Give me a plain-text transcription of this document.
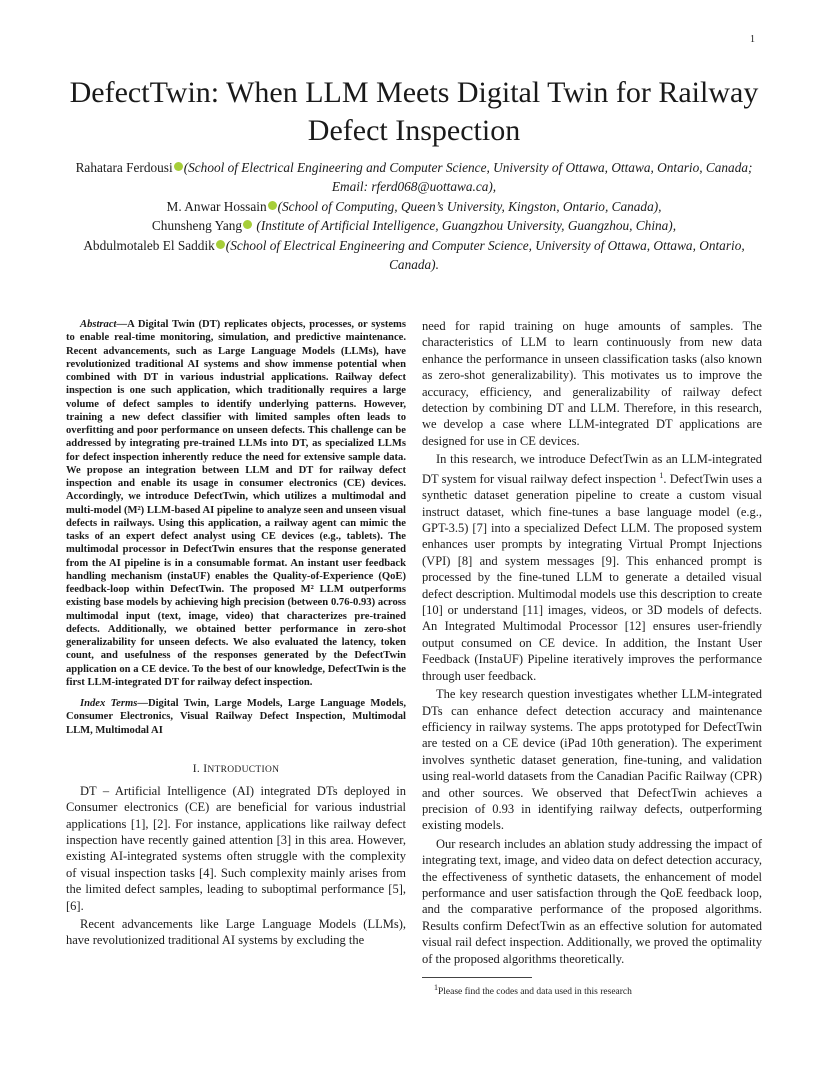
1
DefectTwin: When LLM Meets Digital Twin for Railway Defect Inspection
Rahatara Ferdousi (School of Electrical Engineering and Computer Science, University of Ottawa, Ottawa, Ontario, Canada; Email: rferd068@uottawa.ca),
M. Anwar Hossain (School of Computing, Queen’s University, Kingston, Ontario, Canada),
Chunsheng Yang (Institute of Artificial Intelligence, Guangzhou University, Guangzhou, China),
Abdulmotaleb El Saddik (School of Electrical Engineering and Computer Science, University of Ottawa, Ottawa, Ontario, Canada).

Abstract—A Digital Twin (DT) replicates objects, processes, or systems to enable real-time monitoring, simulation, and predictive maintenance. Recent advancements, such as Large Language Models (LLMs), have revolutionized traditional AI systems and show immense potential when combined with DT in various industrial applications. Railway defect inspection is one such application, which traditionally requires a large volume of defect samples to identify underlying patterns. However, training a new defect classifier with limited samples often leads to overfitting and poor performance on unseen defects. This challenge can be addressed by integrating pre-trained LLMs into DT, as specialized LLMs for defect inspection inherently reduce the need for extensive sample data. We propose an integration between LLM and DT for railway defect inspection and enable its usage in consumer electronics (CE) devices. Accordingly, we introduce DefectTwin, which utilizes a multimodal and multi-model (M²) LLM-based AI pipeline to analyze seen and unseen visual defects in railways. Using this application, a railway agent can mimic the tasks of an expert defect analyst using CE devices (e.g., tablets). The multimodal processor in DefectTwin ensures that the response generated from the AI pipeline is in a consumable format. An instant user feedback handling mechanism (instaUF) enables the Quality-of-Experience (QoE) feedback-loop within DefectTwin. The proposed M² LLM outperforms existing base models by achieving high precision (between 0.76-0.93) across multimodal input (text, image, video) that characterizes pre-trained defects. Additionally, we obtained better performance in zero-shot generalizability for unseen defects. We also evaluated the latency, token count, and usefulness of the responses generated by the DefectTwin application on a CE device. To the best of our knowledge, DefectTwin is the first LLM-integrated DT for railway defect inspection.

Index Terms—Digital Twin, Large Models, Large Language Models, Consumer Electronics, Visual Railway Defect Inspection, Multimodal LLM, Multimodal AI

I. INTRODUCTION

DT – Artificial Intelligence (AI) integrated DTs deployed in Consumer electronics (CE) are beneficial for various industrial applications [1], [2]. For instance, applications like railway defect inspection have recently gained attention [3] in this area. However, existing AI-integrated systems often struggle with the complexity of visual inspection tasks [4]. Such complexity mainly arises from the limited defect samples, leading to suboptimal performance [5], [6].

Recent advancements like Large Language Models (LLMs), have revolutionized traditional AI systems by excluding the

need for rapid training on huge amounts of samples. The characteristics of LLM to learn continuously from new data enhance the performance in unseen classification tasks (also known as zero-shot generalizability). This motivates us to improve the accuracy, efficiency, and generalizability of railway defect detection by combining DT and LLM. Therefore, in this research, we develop a case where LLM-integrated DT applications are designed for use in CE devices.

In this research, we introduce DefectTwin as an LLM-integrated DT system for visual railway defect inspection $^1$. DefectTwin uses a synthetic dataset generation pipeline to create a custom visual instruct dataset, which fine-tunes a base language model (e.g., GPT-3.5) [7] into a specialized Defect LLM. The proposed system enhances user prompts by integrating Virtual Prompt Injections (VPI) [8] and system messages [9]. This enhanced prompt is processed by the fine-tuned LLM to generate a detailed visual defect description. Multimodal models use this description to create [10] or understand [11] images, videos, or 3D models of defects. An Integrated Multimodal Processor [12] ensures user-friendly output consumed on CE device. In addition, the Instant User Feedback (InstaUF) Pipeline iteratively improves the performance through user feedback.

The key research question investigates whether LLM-integrated DTs can enhance defect detection accuracy and maintenance efficiency in railway systems. The apps prototyped for DefectTwin are tested on a CE device (iPad 10th generation). The experiment involves synthetic dataset generation, fine-tuning, and validation using real-world datasets from the Canadian Pacific Railway (CPR) and other sources. We observed that DefectTwin achieves a precision of 0.93 in identifying railway defects, outperforming existing models.

Our research includes an ablation study addressing the impact of integrating text, image, and video data on defect detection accuracy, the effectiveness of synthetic datasets, the enhancement of model performance and user satisfaction through the QoE feedback loop, and the comparative performance of the proposed algorithms. Results confirm DefectTwin as an effective solution for automated visual rail defect inspection. Additionally, we proved the optimality of the proposed algorithms theoretically.

$^1$Please find the codes and data used in this research
